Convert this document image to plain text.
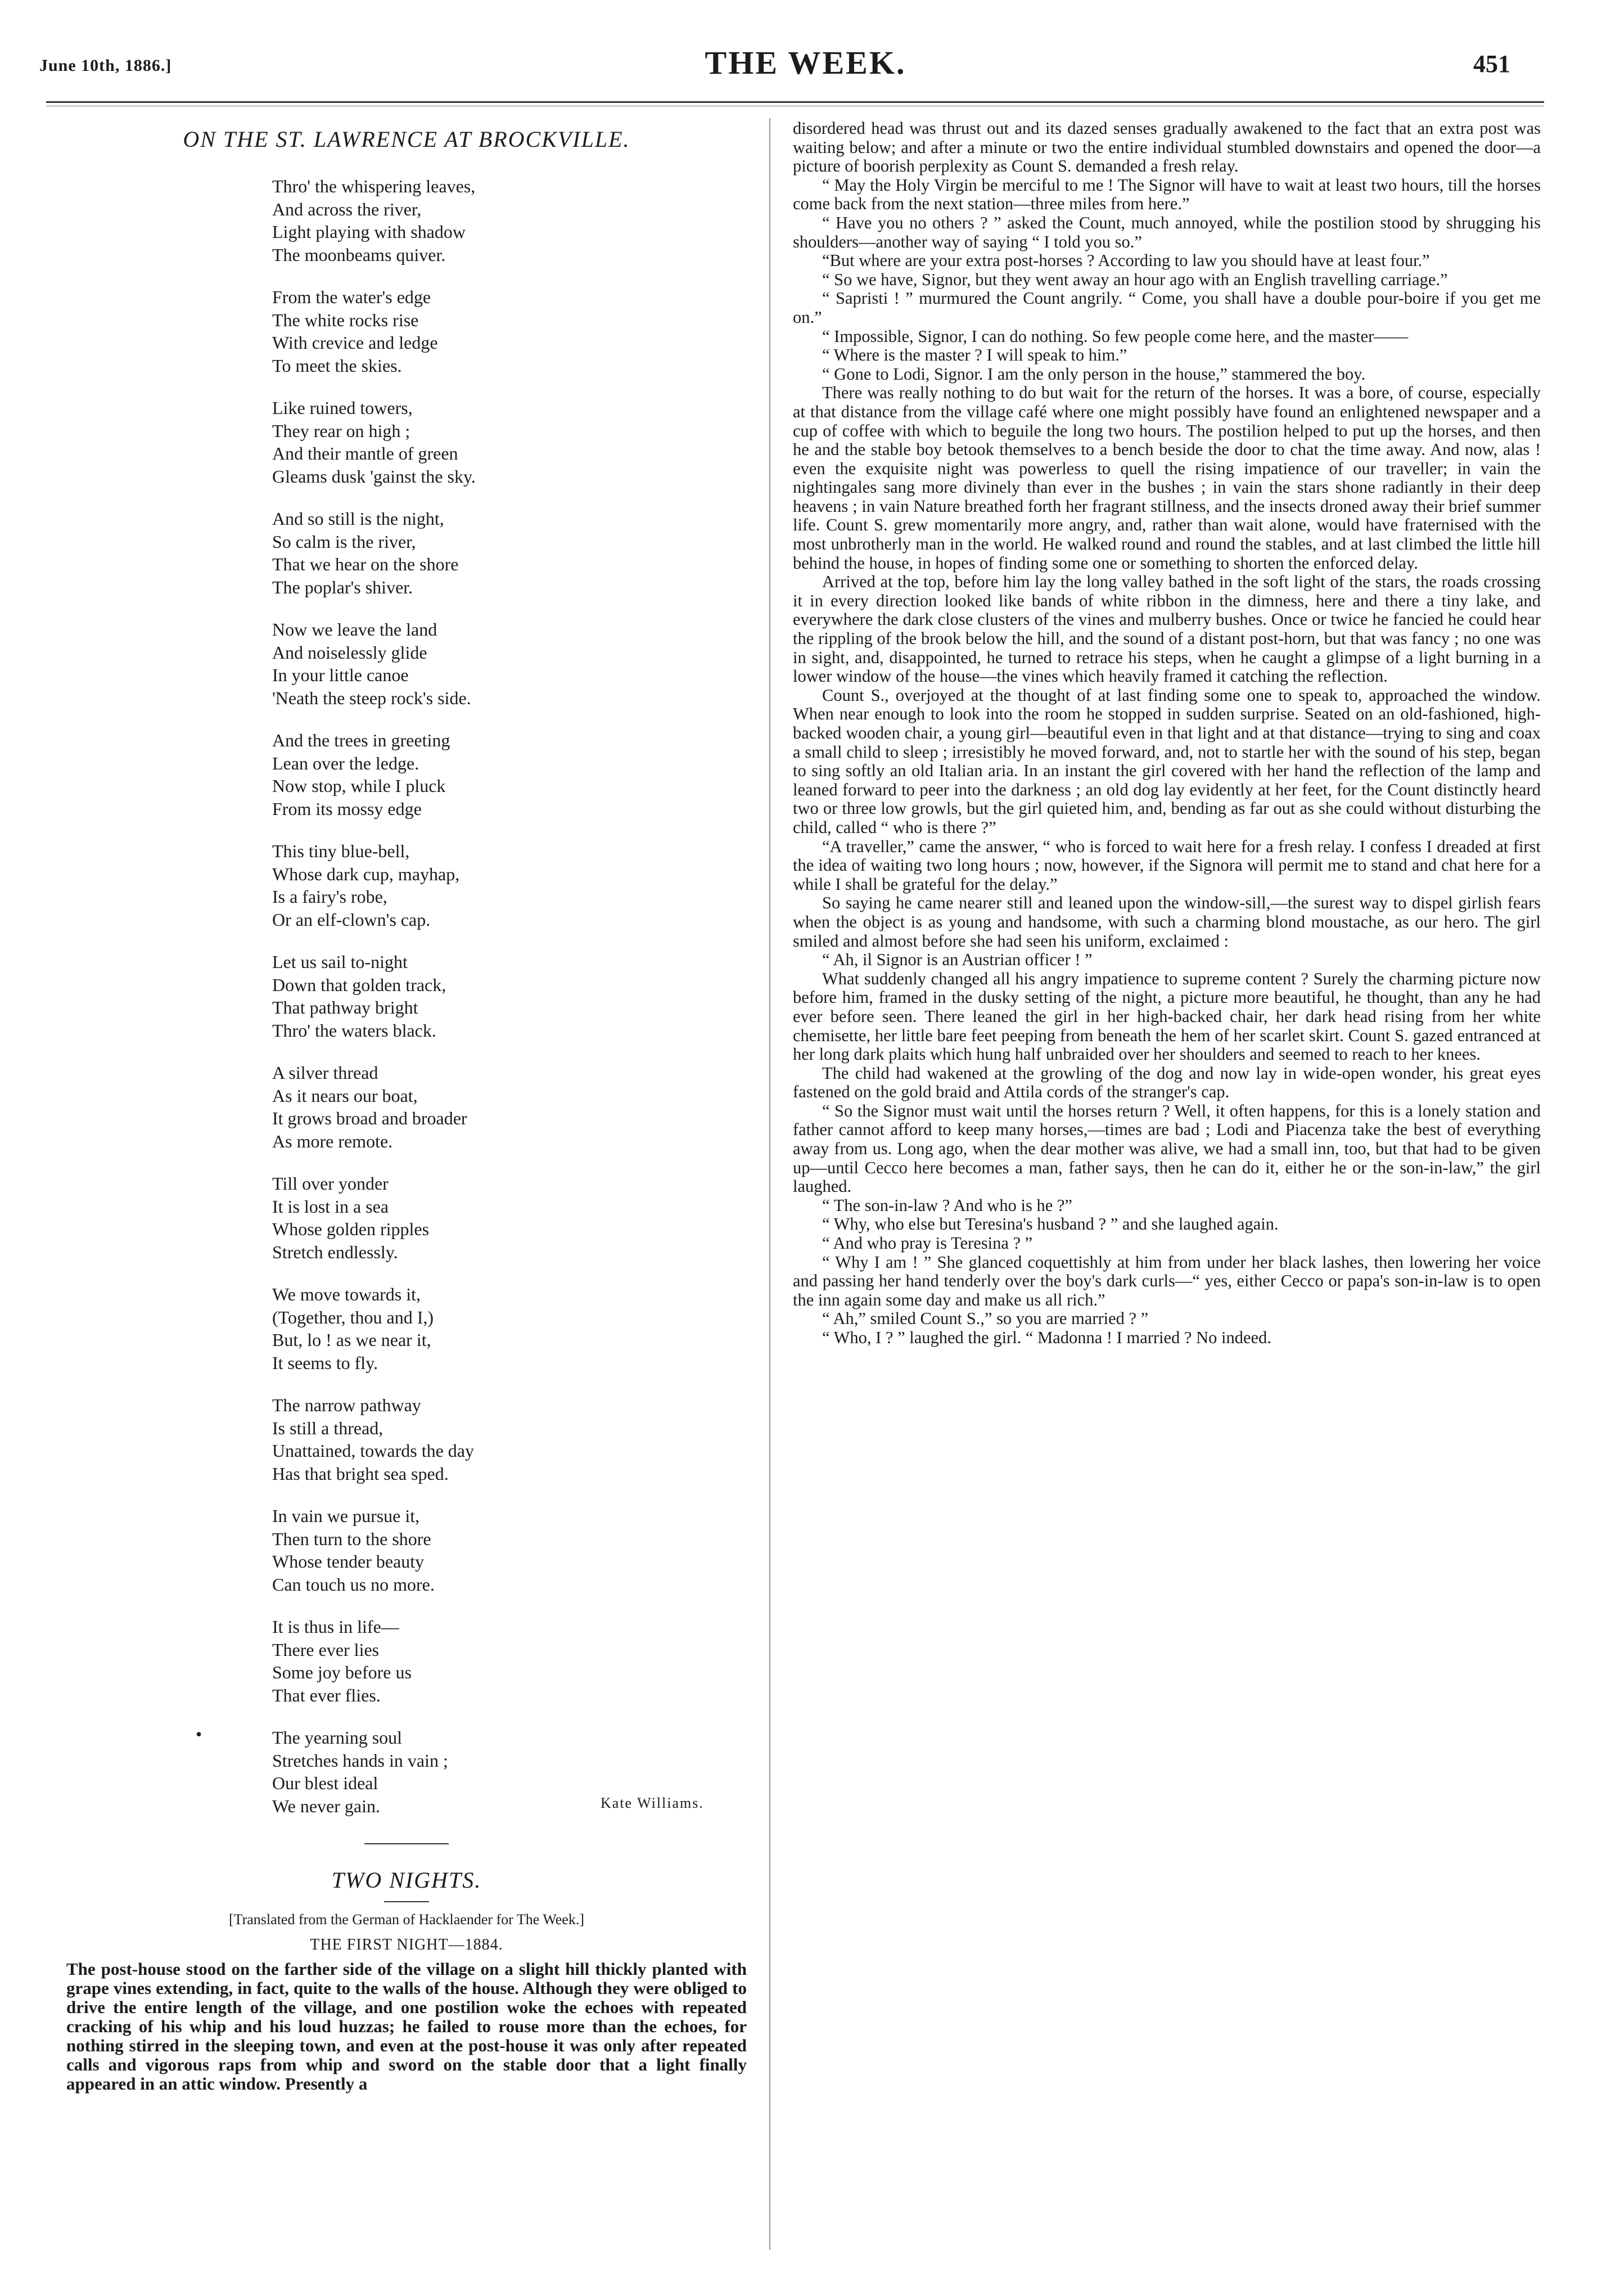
June 10th, 1886.]	THE WEEK.	451
ON THE ST. LAWRENCE AT BROCKVILLE.
Thro' the whispering leaves,
And across the river,
Light playing with shadow
The moonbeams quiver.
From the water's edge
The white rocks rise
With crevice and ledge
To meet the skies.
Like ruined towers,
They rear on high ;
And their mantle of green
Gleams dusk 'gainst the sky.
And so still is the night,
So calm is the river,
That we hear on the shore
The poplar's shiver.
Now we leave the land
And noiselessly glide
In your little canoe
'Neath the steep rock's side.
And the trees in greeting
Lean over the ledge.
Now stop, while I pluck
From its mossy edge
This tiny blue-bell,
Whose dark cup, mayhap,
Is a fairy's robe,
Or an elf-clown's cap.
Let us sail to-night
Down that golden track,
That pathway bright
Thro' the waters black.
A silver thread
As it nears our boat,
It grows broad and broader
As more remote.
Till over yonder
It is lost in a sea
Whose golden ripples
Stretch endlessly.
We move towards it,
(Together, thou and I,)
But, lo ! as we near it,
It seems to fly.
The narrow pathway
Is still a thread,
Unattained, towards the day
Has that bright sea sped.
In vain we pursue it,
Then turn to the shore
Whose tender beauty
Can touch us no more.
It is thus in life—
There ever lies
Some joy before us
That ever flies.
•	The yearning soul
Stretches hands in vain ;
Our blest ideal
We never gain.	Kate Williams.
TWO NIGHTS.
[Translated from the German of Hacklaender for The Week.]
THE FIRST NIGHT—1884.

The post-house stood on the farther side of the village on a slight hill thickly planted with grape vines extending, in fact, quite to the walls of the house. Although they were obliged to drive the entire length of the village, and one postilion woke the echoes with repeated cracking of his whip and his loud huzzas; he failed to rouse more than the echoes, for nothing stirred in the sleeping town, and even at the post-house it was only after repeated calls and vigorous raps from whip and sword on the stable door that a light finally appeared in an attic window. Presently a

disordered head was thrust out and its dazed senses gradually awakened to the fact that an extra post was waiting below; and after a minute or two the entire individual stumbled downstairs and opened the door—a picture of boorish perplexity as Count S. demanded a fresh relay.

“ May the Holy Virgin be merciful to me ! The Signor will have to wait at least two hours, till the horses come back from the next station—three miles from here.”

“ Have you no others ? ” asked the Count, much annoyed, while the postilion stood by shrugging his shoulders—another way of saying “ I told you so.”

“But where are your extra post-horses ? According to law you should have at least four.”

“ So we have, Signor, but they went away an hour ago with an English travelling carriage.”

“ Sapristi ! ” murmured the Count angrily. “ Come, you shall have a double pour-boire if you get me on.”

“ Impossible, Signor, I can do nothing. So few people come here, and the master——

“ Where is the master ? I will speak to him.”

“ Gone to Lodi, Signor. I am the only person in the house,” stammered the boy.

There was really nothing to do but wait for the return of the horses. It was a bore, of course, especially at that distance from the village café where one might possibly have found an enlightened newspaper and a cup of coffee with which to beguile the long two hours. The postilion helped to put up the horses, and then he and the stable boy betook themselves to a bench beside the door to chat the time away. And now, alas ! even the exquisite night was powerless to quell the rising impatience of our traveller; in vain the nightingales sang more divinely than ever in the bushes ; in vain the stars shone radiantly in their deep heavens ; in vain Nature breathed forth her fragrant stillness, and the insects droned away their brief summer life. Count S. grew momentarily more angry, and, rather than wait alone, would have fraternised with the most unbrotherly man in the world. He walked round and round the stables, and at last climbed the little hill behind the house, in hopes of finding some one or something to shorten the enforced delay.

Arrived at the top, before him lay the long valley bathed in the soft light of the stars, the roads crossing it in every direction looked like bands of white ribbon in the dimness, here and there a tiny lake, and everywhere the dark close clusters of the vines and mulberry bushes. Once or twice he fancied he could hear the rippling of the brook below the hill, and the sound of a distant post-horn, but that was fancy ; no one was in sight, and, disappointed, he turned to retrace his steps, when he caught a glimpse of a light burning in a lower window of the house—the vines which heavily framed it catching the reflection.

Count S., overjoyed at the thought of at last finding some one to speak to, approached the window. When near enough to look into the room he stopped in sudden surprise. Seated on an old-fashioned, high-backed wooden chair, a young girl—beautiful even in that light and at that distance—trying to sing and coax a small child to sleep ; irresistibly he moved forward, and, not to startle her with the sound of his step, began to sing softly an old Italian aria. In an instant the girl covered with her hand the reflection of the lamp and leaned forward to peer into the darkness ; an old dog lay evidently at her feet, for the Count distinctly heard two or three low growls, but the girl quieted him, and, bending as far out as she could without disturbing the child, called “ who is there ?”

“A traveller,” came the answer, “ who is forced to wait here for a fresh relay. I confess I dreaded at first the idea of waiting two long hours ; now, however, if the Signora will permit me to stand and chat here for a while I shall be grateful for the delay.”

So saying he came nearer still and leaned upon the window-sill,—the surest way to dispel girlish fears when the object is as young and handsome, with such a charming blond moustache, as our hero. The girl smiled and almost before she had seen his uniform, exclaimed :

“ Ah, il Signor is an Austrian officer ! ”

What suddenly changed all his angry impatience to supreme content ? Surely the charming picture now before him, framed in the dusky setting of the night, a picture more beautiful, he thought, than any he had ever before seen. There leaned the girl in her high-backed chair, her dark head rising from her white chemisette, her little bare feet peeping from beneath the hem of her scarlet skirt. Count S. gazed entranced at her long dark plaits which hung half unbraided over her shoulders and seemed to reach to her knees.

The child had wakened at the growling of the dog and now lay in wide-open wonder, his great eyes fastened on the gold braid and Attila cords of the stranger's cap.

“ So the Signor must wait until the horses return ? Well, it often happens, for this is a lonely station and father cannot afford to keep many horses,—times are bad ; Lodi and Piacenza take the best of everything away from us. Long ago, when the dear mother was alive, we had a small inn, too, but that had to be given up—until Cecco here becomes a man, father says, then he can do it, either he or the son-in-law,” the girl laughed.

“ The son-in-law ? And who is he ?”

“ Why, who else but Teresina's husband ? ” and she laughed again.

“ And who pray is Teresina ? ”

“ Why I am ! ” She glanced coquettishly at him from under her black lashes, then lowering her voice and passing her hand tenderly over the boy's dark curls—“ yes, either Cecco or papa's son-in-law is to open the inn again some day and make us all rich.”

“ Ah,” smiled Count S.,” so you are married ? ”

“ Who, I ? ” laughed the girl. “ Madonna ! I married ? No indeed.
